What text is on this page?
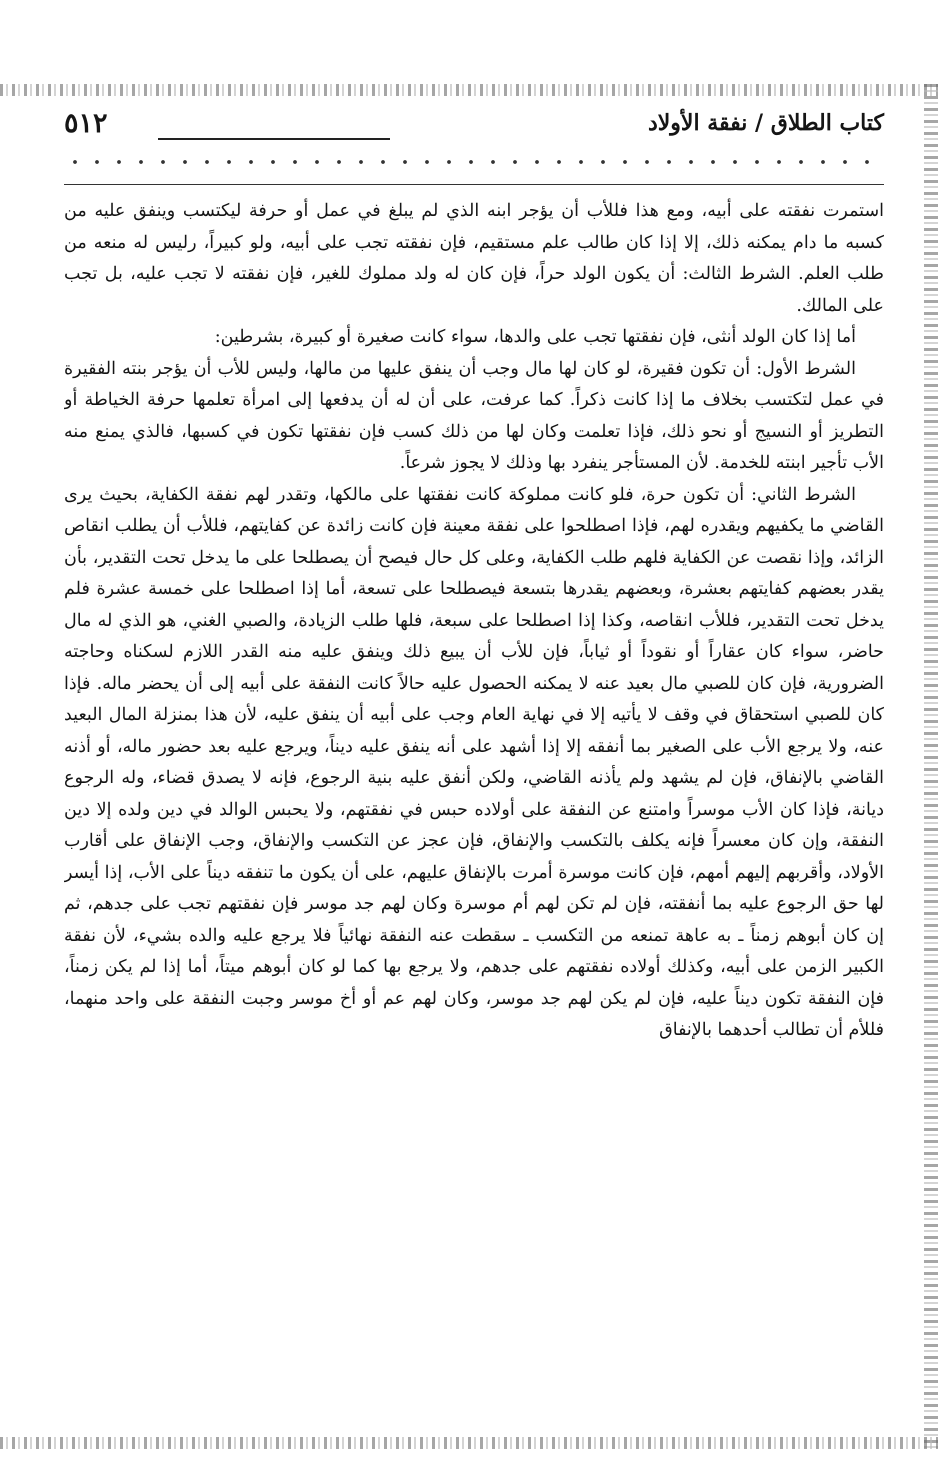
٥١٢	كتاب الطلاق / نفقة الأولاد

استمرت نفقته على أبيه، ومع هذا فللأب أن يؤجر ابنه الذي لم يبلغ في عمل أو حرفة ليكتسب وينفق عليه من كسبه ما دام يمكنه ذلك، إلا إذا كان طالب علم مستقيم، فإن نفقته تجب على أبيه، ولو كبيراً، رليس له منعه من طلب العلم. الشرط الثالث: أن يكون الولد حراً، فإن كان له ولد مملوك للغير، فإن نفقته لا تجب عليه، بل تجب على المالك.

أما إذا كان الولد أنثى، فإن نفقتها تجب على والدها، سواء كانت صغيرة أو كبيرة، بشرطين:

الشرط الأول: أن تكون فقيرة، لو كان لها مال وجب أن ينفق عليها من مالها، وليس للأب أن يؤجر بنته الفقيرة في عمل لتكتسب بخلاف ما إذا كانت ذكراً. كما عرفت، على أن له أن يدفعها إلى امرأة تعلمها حرفة الخياطة أو التطريز أو النسيج أو نحو ذلك، فإذا تعلمت وكان لها من ذلك كسب فإن نفقتها تكون في كسبها، فالذي يمنع منه الأب تأجير ابنته للخدمة. لأن المستأجر ينفرد بها وذلك لا يجوز شرعاً.

الشرط الثاني: أن تكون حرة، فلو كانت مملوكة كانت نفقتها على مالكها، وتقدر لهم نفقة الكفاية، بحيث يرى القاضي ما يكفيهم ويقدره لهم، فإذا اصطلحوا على نفقة معينة فإن كانت زائدة عن كفايتهم، فللأب أن يطلب انقاص الزائد، وإذا نقصت عن الكفاية فلهم طلب الكفاية، وعلى كل حال فيصح أن يصطلحا على ما يدخل تحت التقدير، بأن يقدر بعضهم كفايتهم بعشرة، وبعضهم يقدرها بتسعة فيصطلحا على تسعة، أما إذا اصطلحا على خمسة عشرة فلم يدخل تحت التقدير، فللأب انقاصه، وكذا إذا اصطلحا على سبعة، فلها طلب الزيادة، والصبي الغني، هو الذي له مال حاضر، سواء كان عقاراً أو نقوداً أو ثياباً، فإن للأب أن يبيع ذلك وينفق عليه منه القدر اللازم لسكناه وحاجته الضرورية، فإن كان للصبي مال بعيد عنه لا يمكنه الحصول عليه حالاً كانت النفقة على أبيه إلى أن يحضر ماله. فإذا كان للصبي استحقاق في وقف لا يأتيه إلا في نهاية العام وجب على أبيه أن ينفق عليه، لأن هذا بمنزلة المال البعيد عنه، ولا يرجع الأب على الصغير بما أنفقه إلا إذا أشهد على أنه ينفق عليه ديناً، ويرجع عليه بعد حضور ماله، أو أذنه القاضي بالإنفاق، فإن لم يشهد ولم يأذنه القاضي، ولكن أنفق عليه بنية الرجوع، فإنه لا يصدق قضاء، وله الرجوع ديانة، فإذا كان الأب موسراً وامتنع عن النفقة على أولاده حبس في نفقتهم، ولا يحبس الوالد في دين ولده إلا دين النفقة، وإن كان معسراً فإنه يكلف بالتكسب والإنفاق، فإن عجز عن التكسب والإنفاق، وجب الإنفاق على أقارب الأولاد، وأقربهم إليهم أمهم، فإن كانت موسرة أمرت بالإنفاق عليهم، على أن يكون ما تنفقه ديناً على الأب، إذا أيسر لها حق الرجوع عليه بما أنفقته، فإن لم تكن لهم أم موسرة وكان لهم جد موسر فإن نفقتهم تجب على جدهم، ثم إن كان أبوهم زمناً ـ به عاهة تمنعه من التكسب ـ سقطت عنه النفقة نهائياً فلا يرجع عليه والده بشيء، لأن نفقة الكبير الزمن على أبيه، وكذلك أولاده نفقتهم على جدهم، ولا يرجع بها كما لو كان أبوهم ميتاً، أما إذا لم يكن زمناً، فإن النفقة تكون ديناً عليه، فإن لم يكن لهم جد موسر، وكان لهم عم أو أخ موسر وجبت النفقة على واحد منهما، فللأم أن تطالب أحدهما بالإنفاق
